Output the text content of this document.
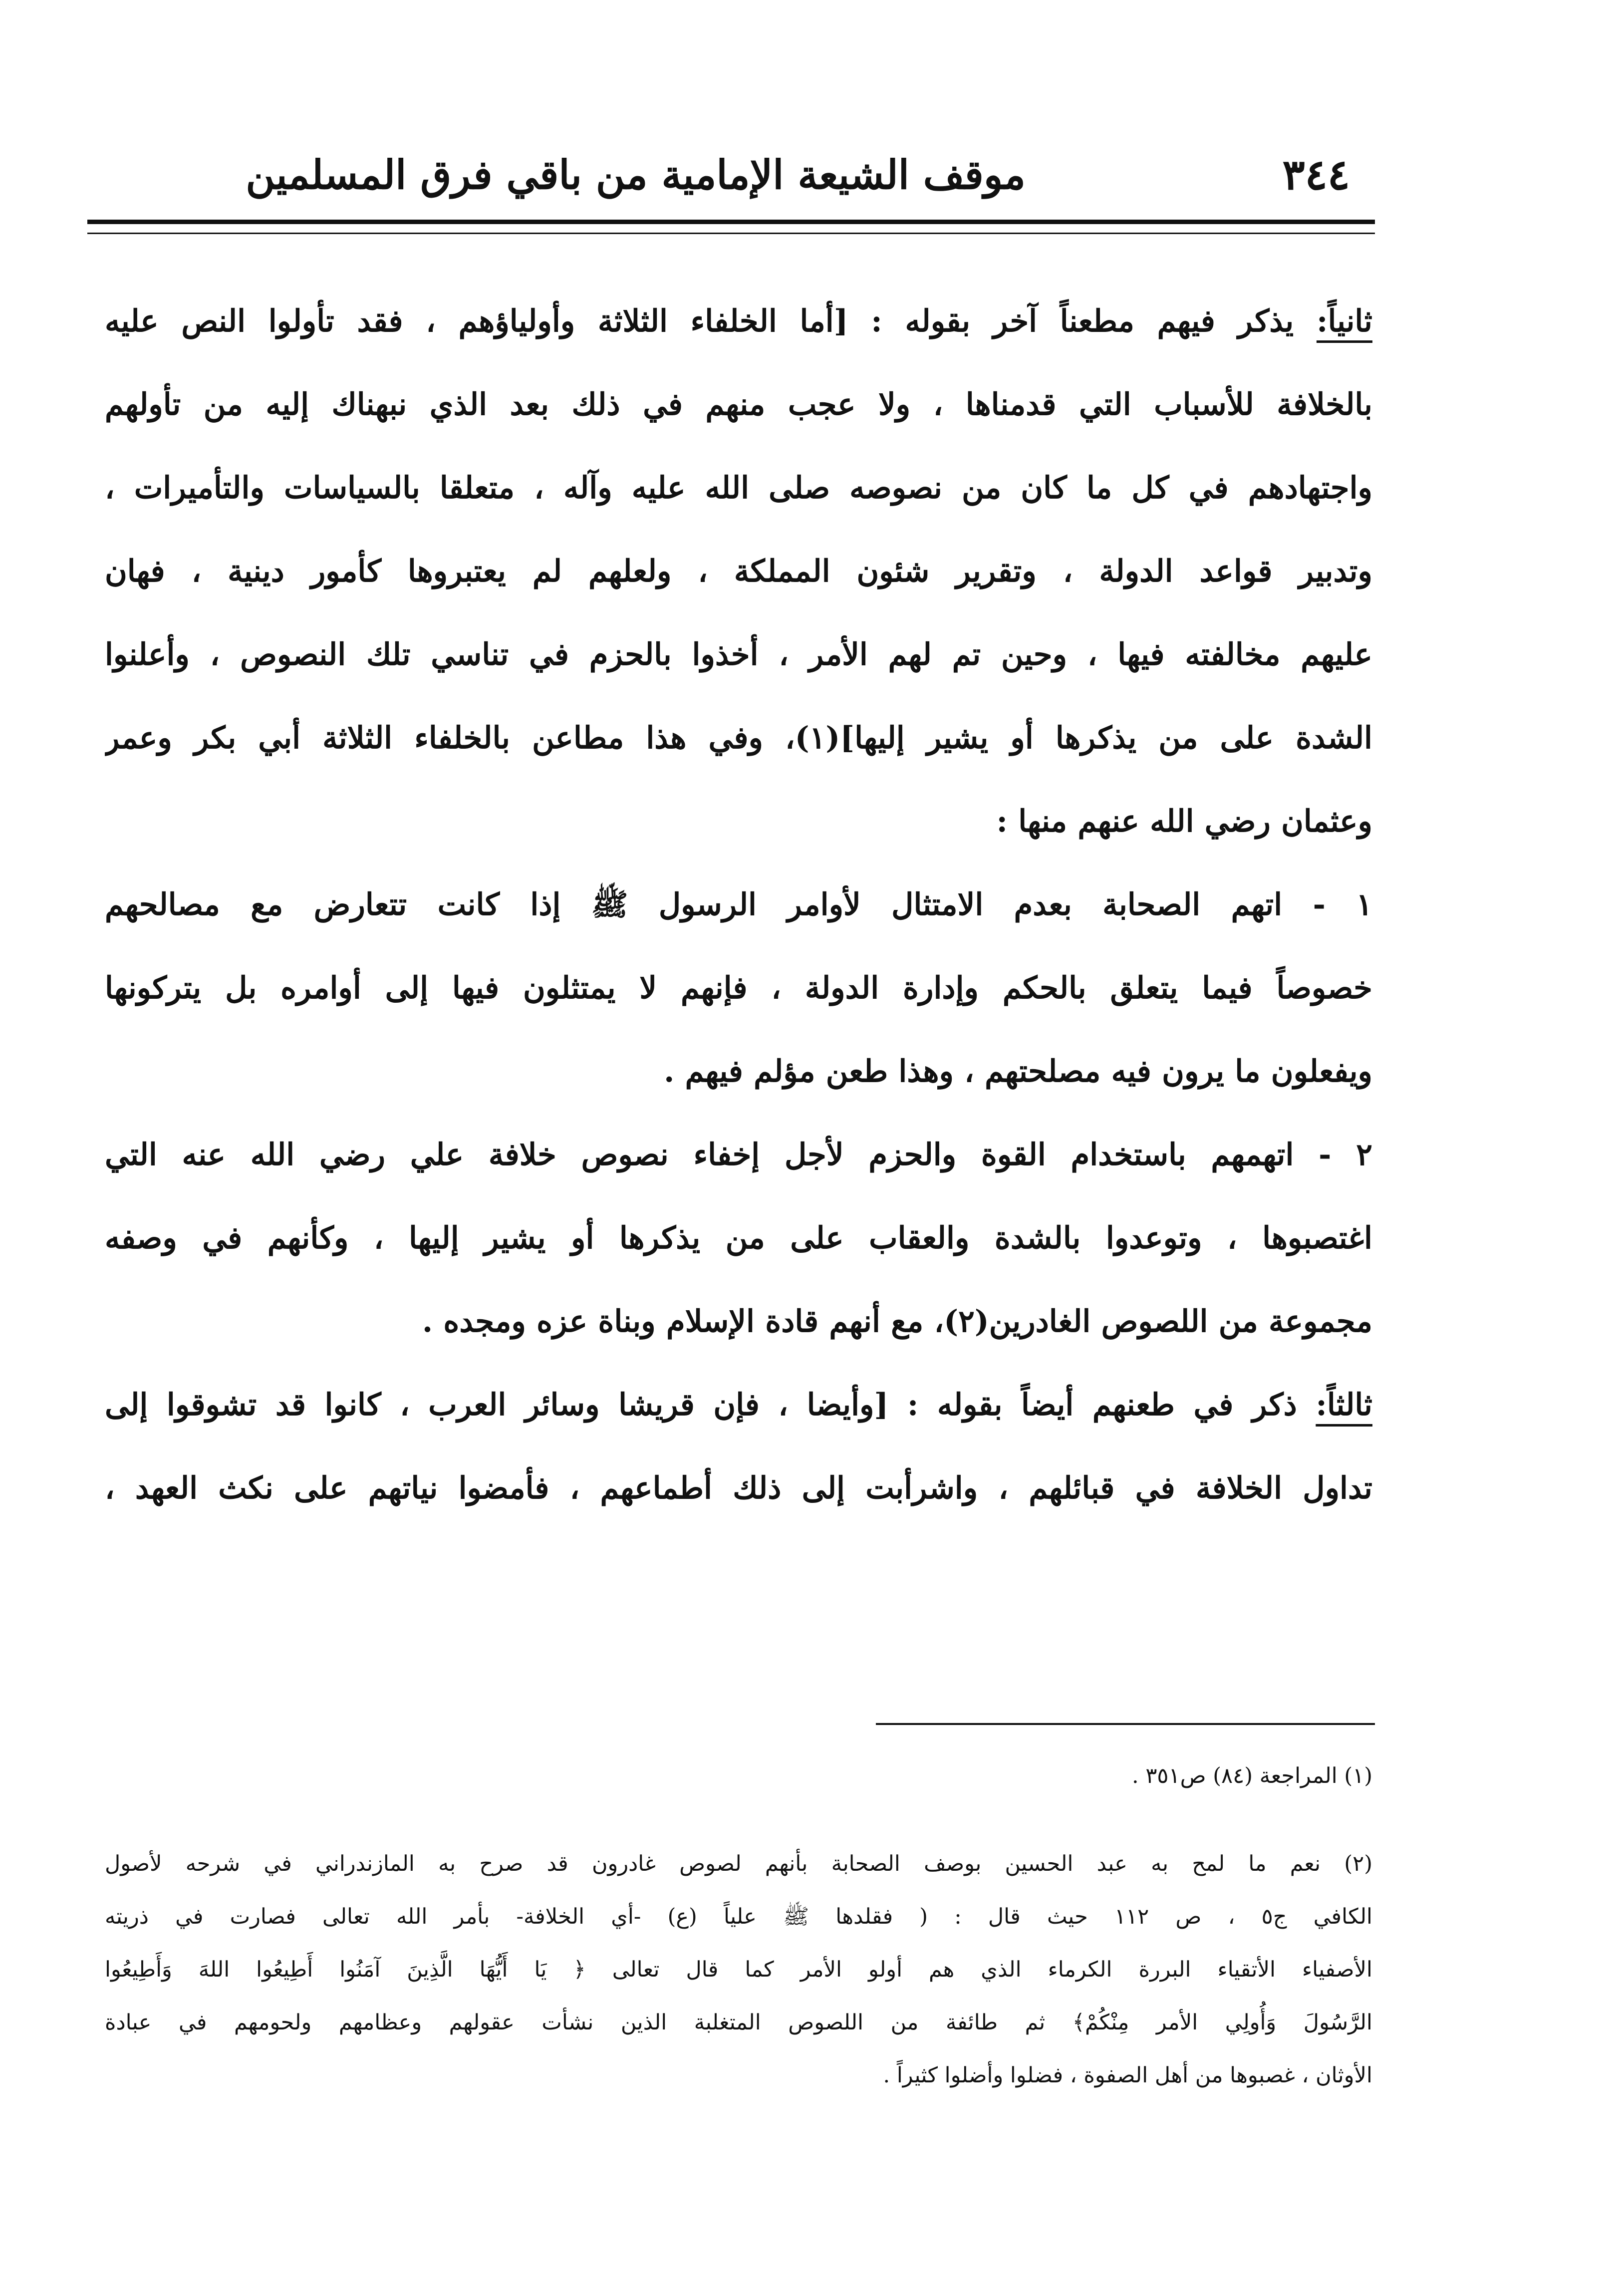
٣٤٤
موقف الشيعة الإمامية من باقي فرق المسلمين
ثانياً: يذكر فيهم مطعناً آخر بقوله : [أما الخلفاء الثلاثة وأولياؤهم ، فقد تأولوا النص عليه
بالخلافة للأسباب التي قدمناها ، ولا عجب منهم في ذلك بعد الذي نبهناك إليه من تأولهم
واجتهادهم في كل ما كان من نصوصه صلى الله عليه وآله ، متعلقا بالسياسات والتأميرات ،
وتدبير قواعد الدولة ، وتقرير شئون المملكة ، ولعلهم لم يعتبروها كأمور دينية ، فهان
عليهم مخالفته فيها ، وحين تم لهم الأمر ، أخذوا بالحزم في تناسي تلك النصوص ، وأعلنوا
الشدة على من يذكرها أو يشير إليها](١)، وفي هذا مطاعن بالخلفاء الثلاثة أبي بكر وعمر
وعثمان رضي الله عنهم منها :
١ - اتهم الصحابة بعدم الامتثال لأوامر الرسول ﷺ إذا كانت تتعارض مع مصالحهم
خصوصاً فيما يتعلق بالحكم وإدارة الدولة ، فإنهم لا يمتثلون فيها إلى أوامره بل يتركونها
ويفعلون ما يرون فيه مصلحتهم ، وهذا طعن مؤلم فيهم .
٢ - اتهمهم باستخدام القوة والحزم لأجل إخفاء نصوص خلافة علي رضي الله عنه التي
اغتصبوها ، وتوعدوا بالشدة والعقاب على من يذكرها أو يشير إليها ، وكأنهم في وصفه
مجموعة من اللصوص الغادرين(٢)، مع أنهم قادة الإسلام وبناة عزه ومجده .
ثالثاً: ذكر في طعنهم أيضاً بقوله : [وأيضا ، فإن قريشا وسائر العرب ، كانوا قد تشوقوا إلى
تداول الخلافة في قبائلهم ، واشرأبت إلى ذلك أطماعهم ، فأمضوا نياتهم على نكث العهد ،
(١) المراجعة (٨٤) ص٣٥١ .
(٢) نعم ما لمح به عبد الحسين بوصف الصحابة بأنهم لصوص غادرون قد صرح به المازندراني في شرحه لأصول
الكافي ج٥ ، ص ١١٢ حيث قال : ( فقلدها ﷺ علياً (ع) -أي الخلافة- بأمر الله تعالى فصارت في ذريته
الأصفياء الأتقياء البررة الكرماء الذي هم أولو الأمر كما قال تعالى ﴿ يَا أَيُّهَا الَّذِينَ آمَنُوا أَطِيعُوا اللهَ وَأَطِيعُوا
الرَّسُولَ وَأُولِي الأمر مِنْكُمْ﴾ ثم طائفة من اللصوص المتغلبة الذين نشأت عقولهم وعظامهم ولحومهم في عبادة
الأوثان ، غصبوها من أهل الصفوة ، فضلوا وأضلوا كثيراً .
